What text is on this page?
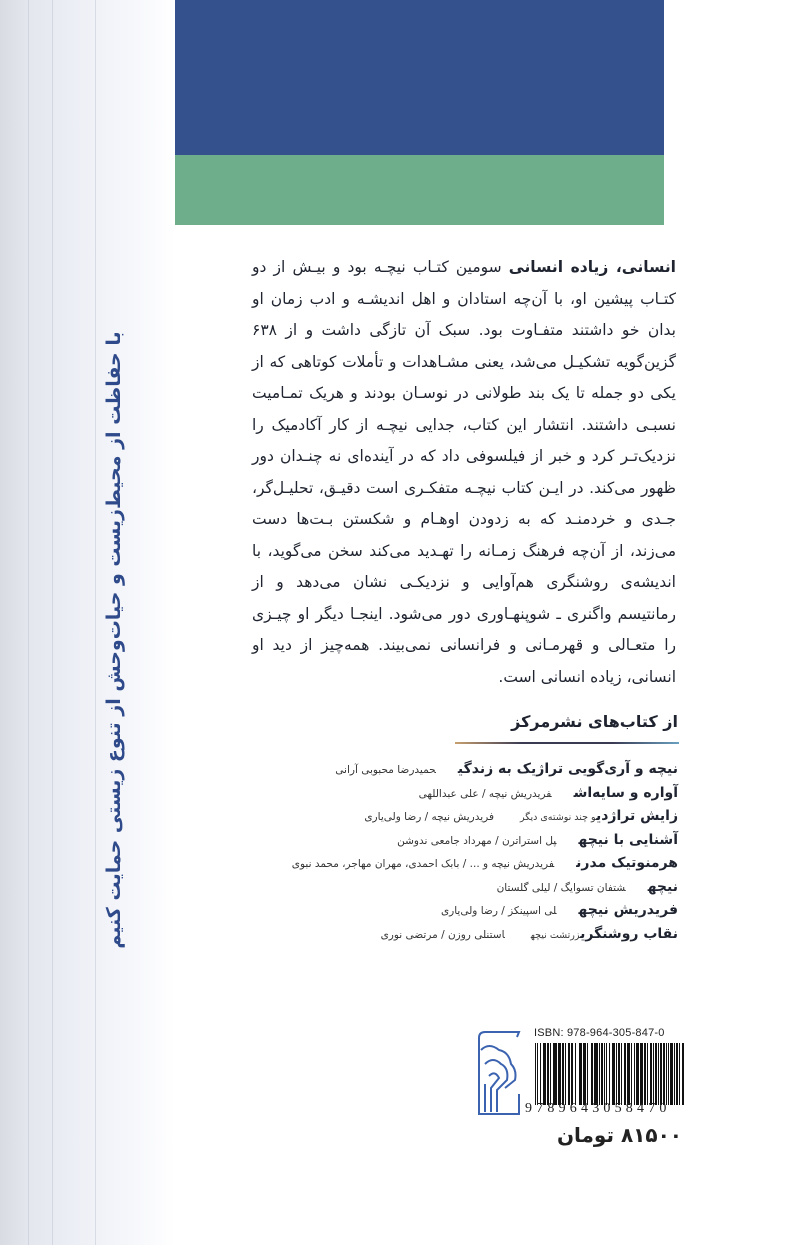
با حفاظت از محیط‌زیست و حیات‌وحش از تنوع زیستی حمایت کنیم
انسانی، زیاده انسانی سومین کتـاب نیچـه بود و بیـش از دو کتـاب پیشین او، با آن‌چه استادان و اهل اندیشـه و ادب زمان او بدان خو داشتند متفـاوت بود. سبک آن تازگی داشت و از ۶۳۸ گزین‌گویه تشکیـل می‌شد، یعنی مشـاهدات و تأملات کوتاهی که از یکی دو جمله تا یک بند طولانی در نوسـان بودند و هریک تمـامیت نسبـی داشتند. انتشار این کتاب، جدایی نیچـه از کار آکادمیک را نزدیک‌تـر کرد و خبر از فیلسوفی داد که در آینده‌ای نه چنـدان دور ظهور می‌کند. در ایـن کتاب نیچـه متفکـری است دقیـق، تحلیـل‌گر، جـدی و خردمنـد که به زدودن اوهـام و شکستن بـت‌ها دست می‌زند، از آن‌چه فرهنگ زمـانه را تهـدید می‌کند سخن می‌گوید، با اندیشه‌ی روشنگری هم‌آوایی و نزدیکـی نشان می‌دهد و از رمانتیسم واگنری ـ شوپنهـاوری دور می‌شود. اینجـا دیگر او چیـزی را متعـالی و قهرمـانی و فرانسانی نمی‌بیند. همه‌چیز از دید او انسانی، زیاده انسانی است.
از کتاب‌های نشرمرکز
نیچه و آری‌گویی تراژیک به زندگیحمیدرضا محبوبی آرانی
آواره و سایه‌اشفریدریش نیچه / علی عبداللهی
زایش تراژدیو چند نوشته‌ی دیگرفریدریش نیچه / رضا ولی‌یاری
آشنایی با نیچهپل استراترن / مهرداد جامعی ندوشن
هرمنوتیک مدرنفریدریش نیچه و ... / بابک احمدی، مهران مهاجر، محمد نبوی
نیچهشتفان تسوایگ / لیلی گلستان
فریدریش نیچهلی اسپینکز / رضا ولی‌یاری
نقاب روشنگریزرتشت نیچهاستنلی روزن / مرتضی نوری
ISBN: 978-964-305-847-0
9789643058470
۸۱۵۰۰ تومان
